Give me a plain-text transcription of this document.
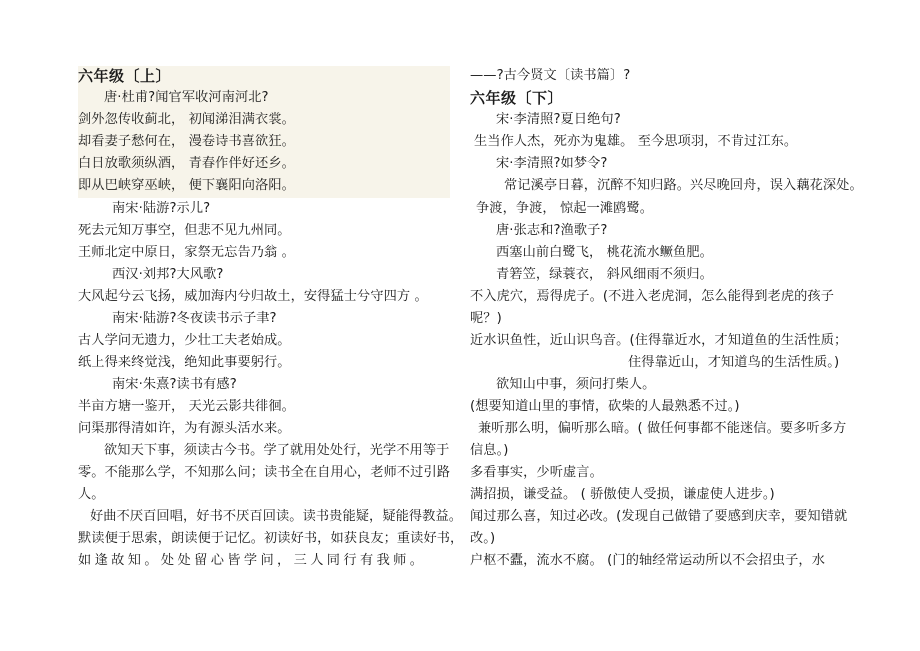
六年级〔上〕
唐·杜甫?闻官军收河南河北?
剑外忽传收蓟北， 初闻涕泪满衣裳。
却看妻子愁何在， 漫卷诗书喜欲狂。
白日放歌须纵酒， 青春作伴好还乡。
即从巴峡穿巫峡， 便下襄阳向洛阳。
南宋·陆游?示儿?
死去元知万事空，但悲不见九州同。
王师北定中原日，家祭无忘告乃翁 。
西汉·刘邦?大风歌?
大风起兮云飞扬，威加海内兮归故土，安得猛士兮守四方 。
南宋·陆游?冬夜读书示子聿?
古人学问无遗力，少壮工夫老始成。
纸上得来终觉浅，绝知此事要躬行。
南宋·朱熹?读书有感?
半亩方塘一鉴开， 天光云影共徘徊。
问渠那得清如许，为有源头活水来。
欲知天下事，须读古今书。学了就用处处行，光学不用等于
零。不能那么学，不知那么问；读书全在自用心，老师不过引路
人。
好曲不厌百回唱，好书不厌百回读。读书贵能疑，疑能得教益。
默读便于思索，朗读便于记忆。初读好书，如获良友；重读好书，
如逢故知。处处留心皆学问，三人同行有我师。
——?古今贤文〔读书篇〕?
六年级〔下〕
宋·李清照?夏日绝句?
生当作人杰，死亦为鬼雄。 至今思项羽，不肯过江东。
宋·李清照?如梦令?
常记溪亭日暮，沉醉不知归路。兴尽晚回舟，误入藕花深处。
争渡，争渡， 惊起一滩鸥鹭。
唐·张志和?渔歌子?
西塞山前白鹭飞， 桃花流水鳜鱼肥。
青箬笠，绿蓑衣， 斜风细雨不须归。
不入虎穴，焉得虎子。(不进入老虎洞，怎么能得到老虎的孩子
呢？)
近水识鱼性，近山识鸟音。(住得靠近水，才知道鱼的生活性质；
住得靠近山，才知道鸟的生活性质。)
欲知山中事，须问打柴人。
(想要知道山里的事情，砍柴的人最熟悉不过。)
兼听那么明，偏听那么暗。( 做任何事都不能迷信。要多听多方
信息。)
多看事实，少听虚言。
满招损，谦受益。 ( 骄傲使人受损，谦虚使人进步。)
闻过那么喜，知过必改。(发现自己做错了要感到庆幸，要知错就
改。)
户枢不蠹，流水不腐。 (门的轴经常运动所以不会招虫子，水
